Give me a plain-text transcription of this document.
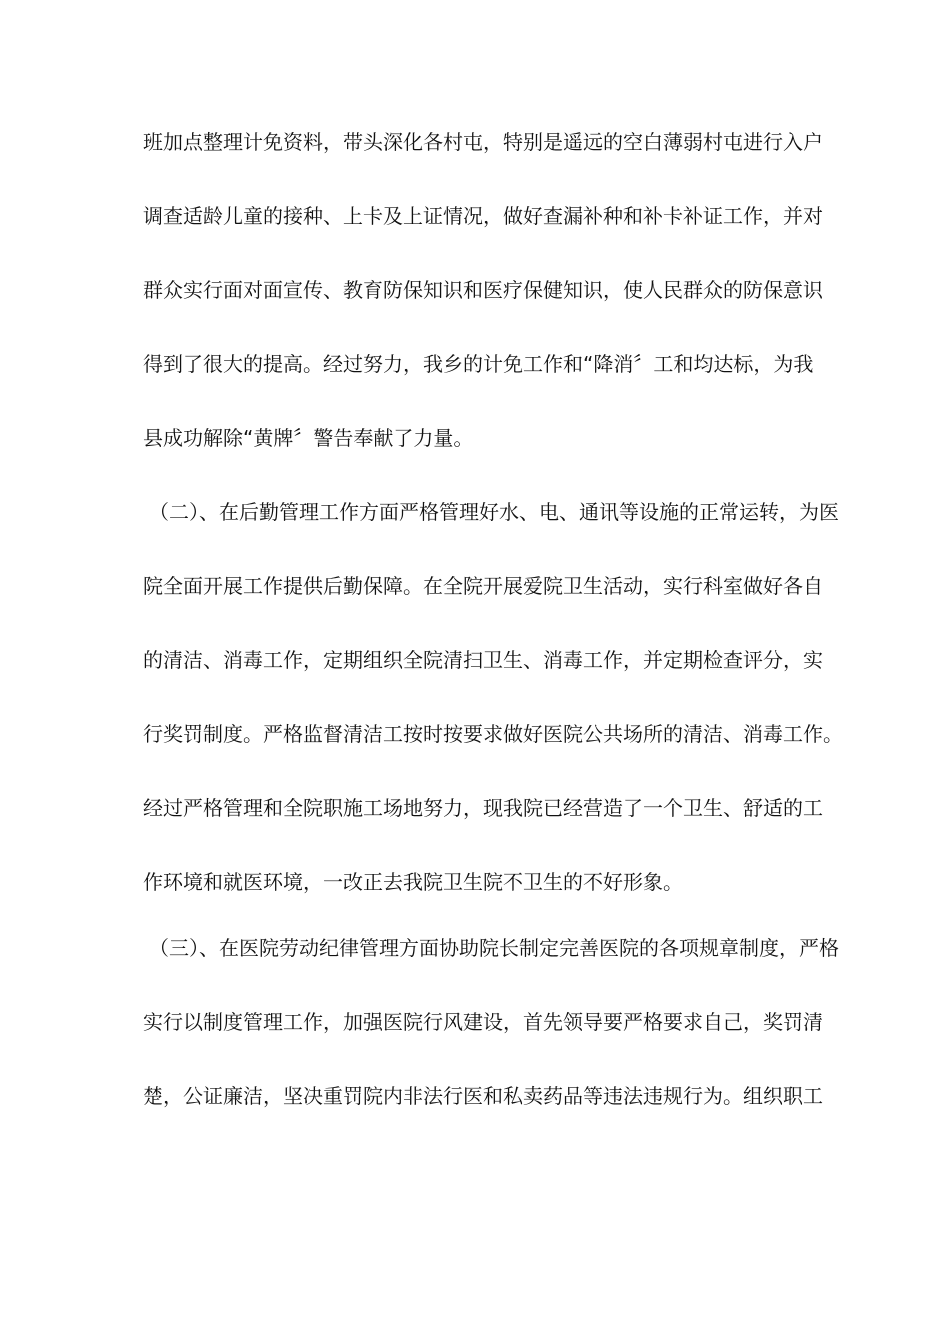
班加点整理计免资料，带头深化各村屯，特别是遥远的空白薄弱村屯进行入户
调查适龄儿童的接种、上卡及上证情况，做好查漏补种和补卡补证工作，并对
群众实行面对面宣传、教育防保知识和医疗保健知识，使人民群众的防保意识
得到了很大的提高。经过努力，我乡的计免工作和“降消〞工和均达标，为我
县成功解除“黄牌〞警告奉献了力量。
（二）、在后勤管理工作方面严格管理好水、电、通讯等设施的正常运转，为医
院全面开展工作提供后勤保障。在全院开展爱院卫生活动，实行科室做好各自
的清洁、消毒工作，定期组织全院清扫卫生、消毒工作，并定期检查评分，实
行奖罚制度。严格监督清洁工按时按要求做好医院公共场所的清洁、消毒工作。
经过严格管理和全院职施工场地努力，现我院已经营造了一个卫生、舒适的工
作环境和就医环境，一改正去我院卫生院不卫生的不好形象。
（三）、在医院劳动纪律管理方面协助院长制定完善医院的各项规章制度，严格
实行以制度管理工作，加强医院行风建设，首先领导要严格要求自己，奖罚清
楚，公证廉洁，坚决重罚院内非法行医和私卖药品等违法违规行为。组织职工
